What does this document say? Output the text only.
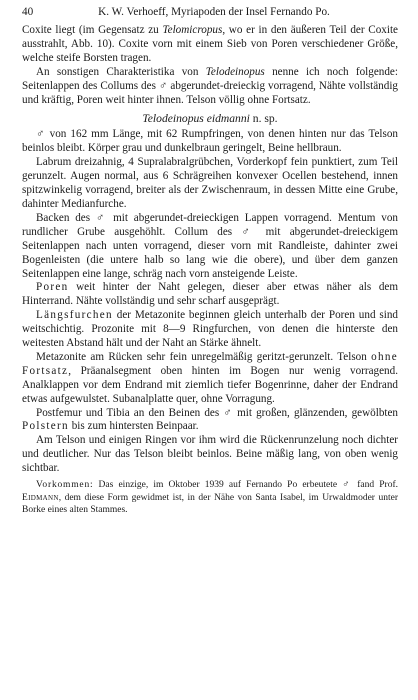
40	K. W. Verhoeff, Myriapoden der Insel Fernando Po.

Coxite liegt (im Gegensatz zu Telomicropus, wo er in den äußeren Teil der Coxite ausstrahlt, Abb. 10). Coxite vorn mit einem Sieb von Poren verschiedener Größe, welche steife Borsten tragen.

An sonstigen Charakteristika von Telodeinopus nenne ich noch folgende: Seitenlappen des Collums des ♂ abgerundet-dreieckig vorragend, Nähte vollständig und kräftig, Poren weit hinter ihnen. Telson völlig ohne Fortsatz.

Telodeinopus eidmanni n. sp.

♂ von 162 mm Länge, mit 62 Rumpfringen, von denen hinten nur das Telson beinlos bleibt. Körper grau und dunkelbraun geringelt, Beine hellbraun.

Labrum dreizahnig, 4 Supralabralgrübchen, Vorderkopf fein punktiert, zum Teil gerunzelt. Augen normal, aus 6 Schrägreihen konvexer Ocellen bestehend, innen spitzwinkelig vorragend, breiter als der Zwischenraum, in dessen Mitte eine Grube, dahinter Medianfurche.

Backen des ♂ mit abgerundet-dreieckigen Lappen vorragend. Mentum von rundlicher Grube ausgehöhlt. Collum des ♂ mit abgerundet-dreieckigem Seitenlappen nach unten vorragend, dieser vorn mit Randleiste, dahinter zwei Bogenleisten (die untere halb so lang wie die obere), und über dem ganzen Seitenlappen eine lange, schräg nach vorn ansteigende Leiste.

Poren weit hinter der Naht gelegen, dieser aber etwas näher als dem Hinterrand. Nähte vollständig und sehr scharf ausgeprägt.

Längsfurchen der Metazonite beginnen gleich unterhalb der Poren und sind weitschichtig. Prozonite mit 8—9 Ringfurchen, von denen die hinterste den weitesten Abstand hält und der Naht an Stärke ähnelt.

Metazonite am Rücken sehr fein unregelmäßig geritzt-gerunzelt. Telson ohne Fortsatz, Präanalsegment oben hinten im Bogen nur wenig vorragend. Analklappen vor dem Endrand mit ziemlich tiefer Bogenrinne, daher der Endrand etwas aufgewulstet. Subanalplatte quer, ohne Vorragung.

Postfemur und Tibia an den Beinen des ♂ mit großen, glänzenden, gewölbten Polstern bis zum hintersten Beinpaar.

Am Telson und einigen Ringen vor ihm wird die Rückenrunzelung noch dichter und deutlicher. Nur das Telson bleibt beinlos. Beine mäßig lang, von oben wenig sichtbar.

Vorkommen: Das einzige, im Oktober 1939 auf Fernando Po erbeutete ♂ fand Prof. Eidmann, dem diese Form gewidmet ist, in der Nähe von Santa Isabel, im Urwaldmoder unter Borke eines alten Stammes.
